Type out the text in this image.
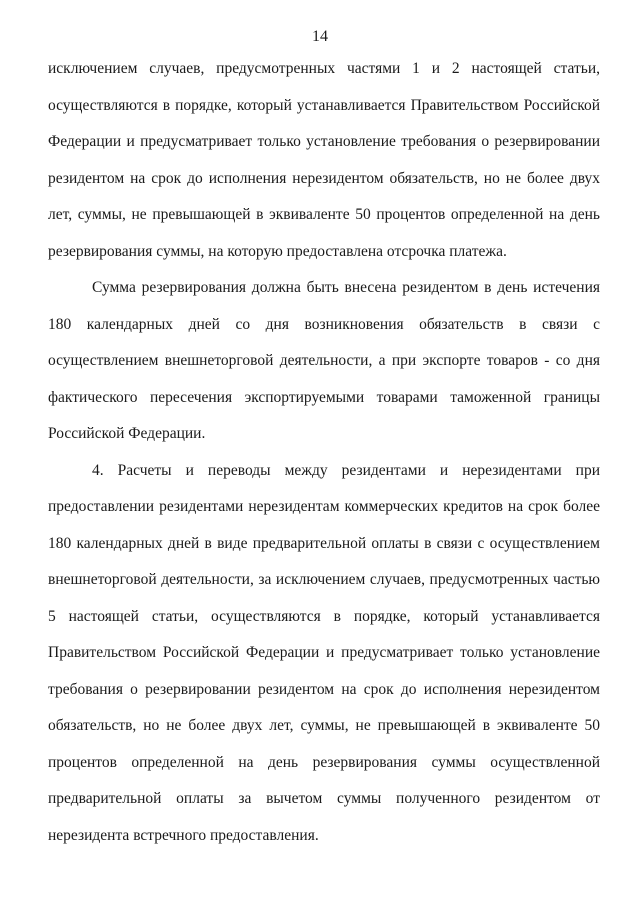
14

исключением случаев, предусмотренных частями 1 и 2 настоящей статьи, осуществляются в порядке, который устанавливается Правительством Российской Федерации и предусматривает только установление требования о резервировании резидентом на срок до исполнения нерезидентом обязательств, но не более двух лет, суммы, не превышающей в эквиваленте 50 процентов определенной на день резервирования суммы, на которую предоставлена отсрочка платежа.

Сумма резервирования должна быть внесена резидентом в день истечения 180 календарных дней со дня возникновения обязательств в связи с осуществлением внешнеторговой деятельности, а при экспорте товаров - со дня фактического пересечения экспортируемыми товарами таможенной границы Российской Федерации.

4. Расчеты и переводы между резидентами и нерезидентами при предоставлении резидентами нерезидентам коммерческих кредитов на срок более 180 календарных дней в виде предварительной оплаты в связи с осуществлением внешнеторговой деятельности, за исключением случаев, предусмотренных частью 5 настоящей статьи, осуществляются в порядке, который устанавливается Правительством Российской Федерации и предусматривает только установление требования о резервировании резидентом на срок до исполнения нерезидентом обязательств, но не более двух лет, суммы, не превышающей в эквиваленте 50 процентов определенной на день резервирования суммы осуществленной предварительной оплаты за вычетом суммы полученного резидентом от нерезидента встречного предоставления.
